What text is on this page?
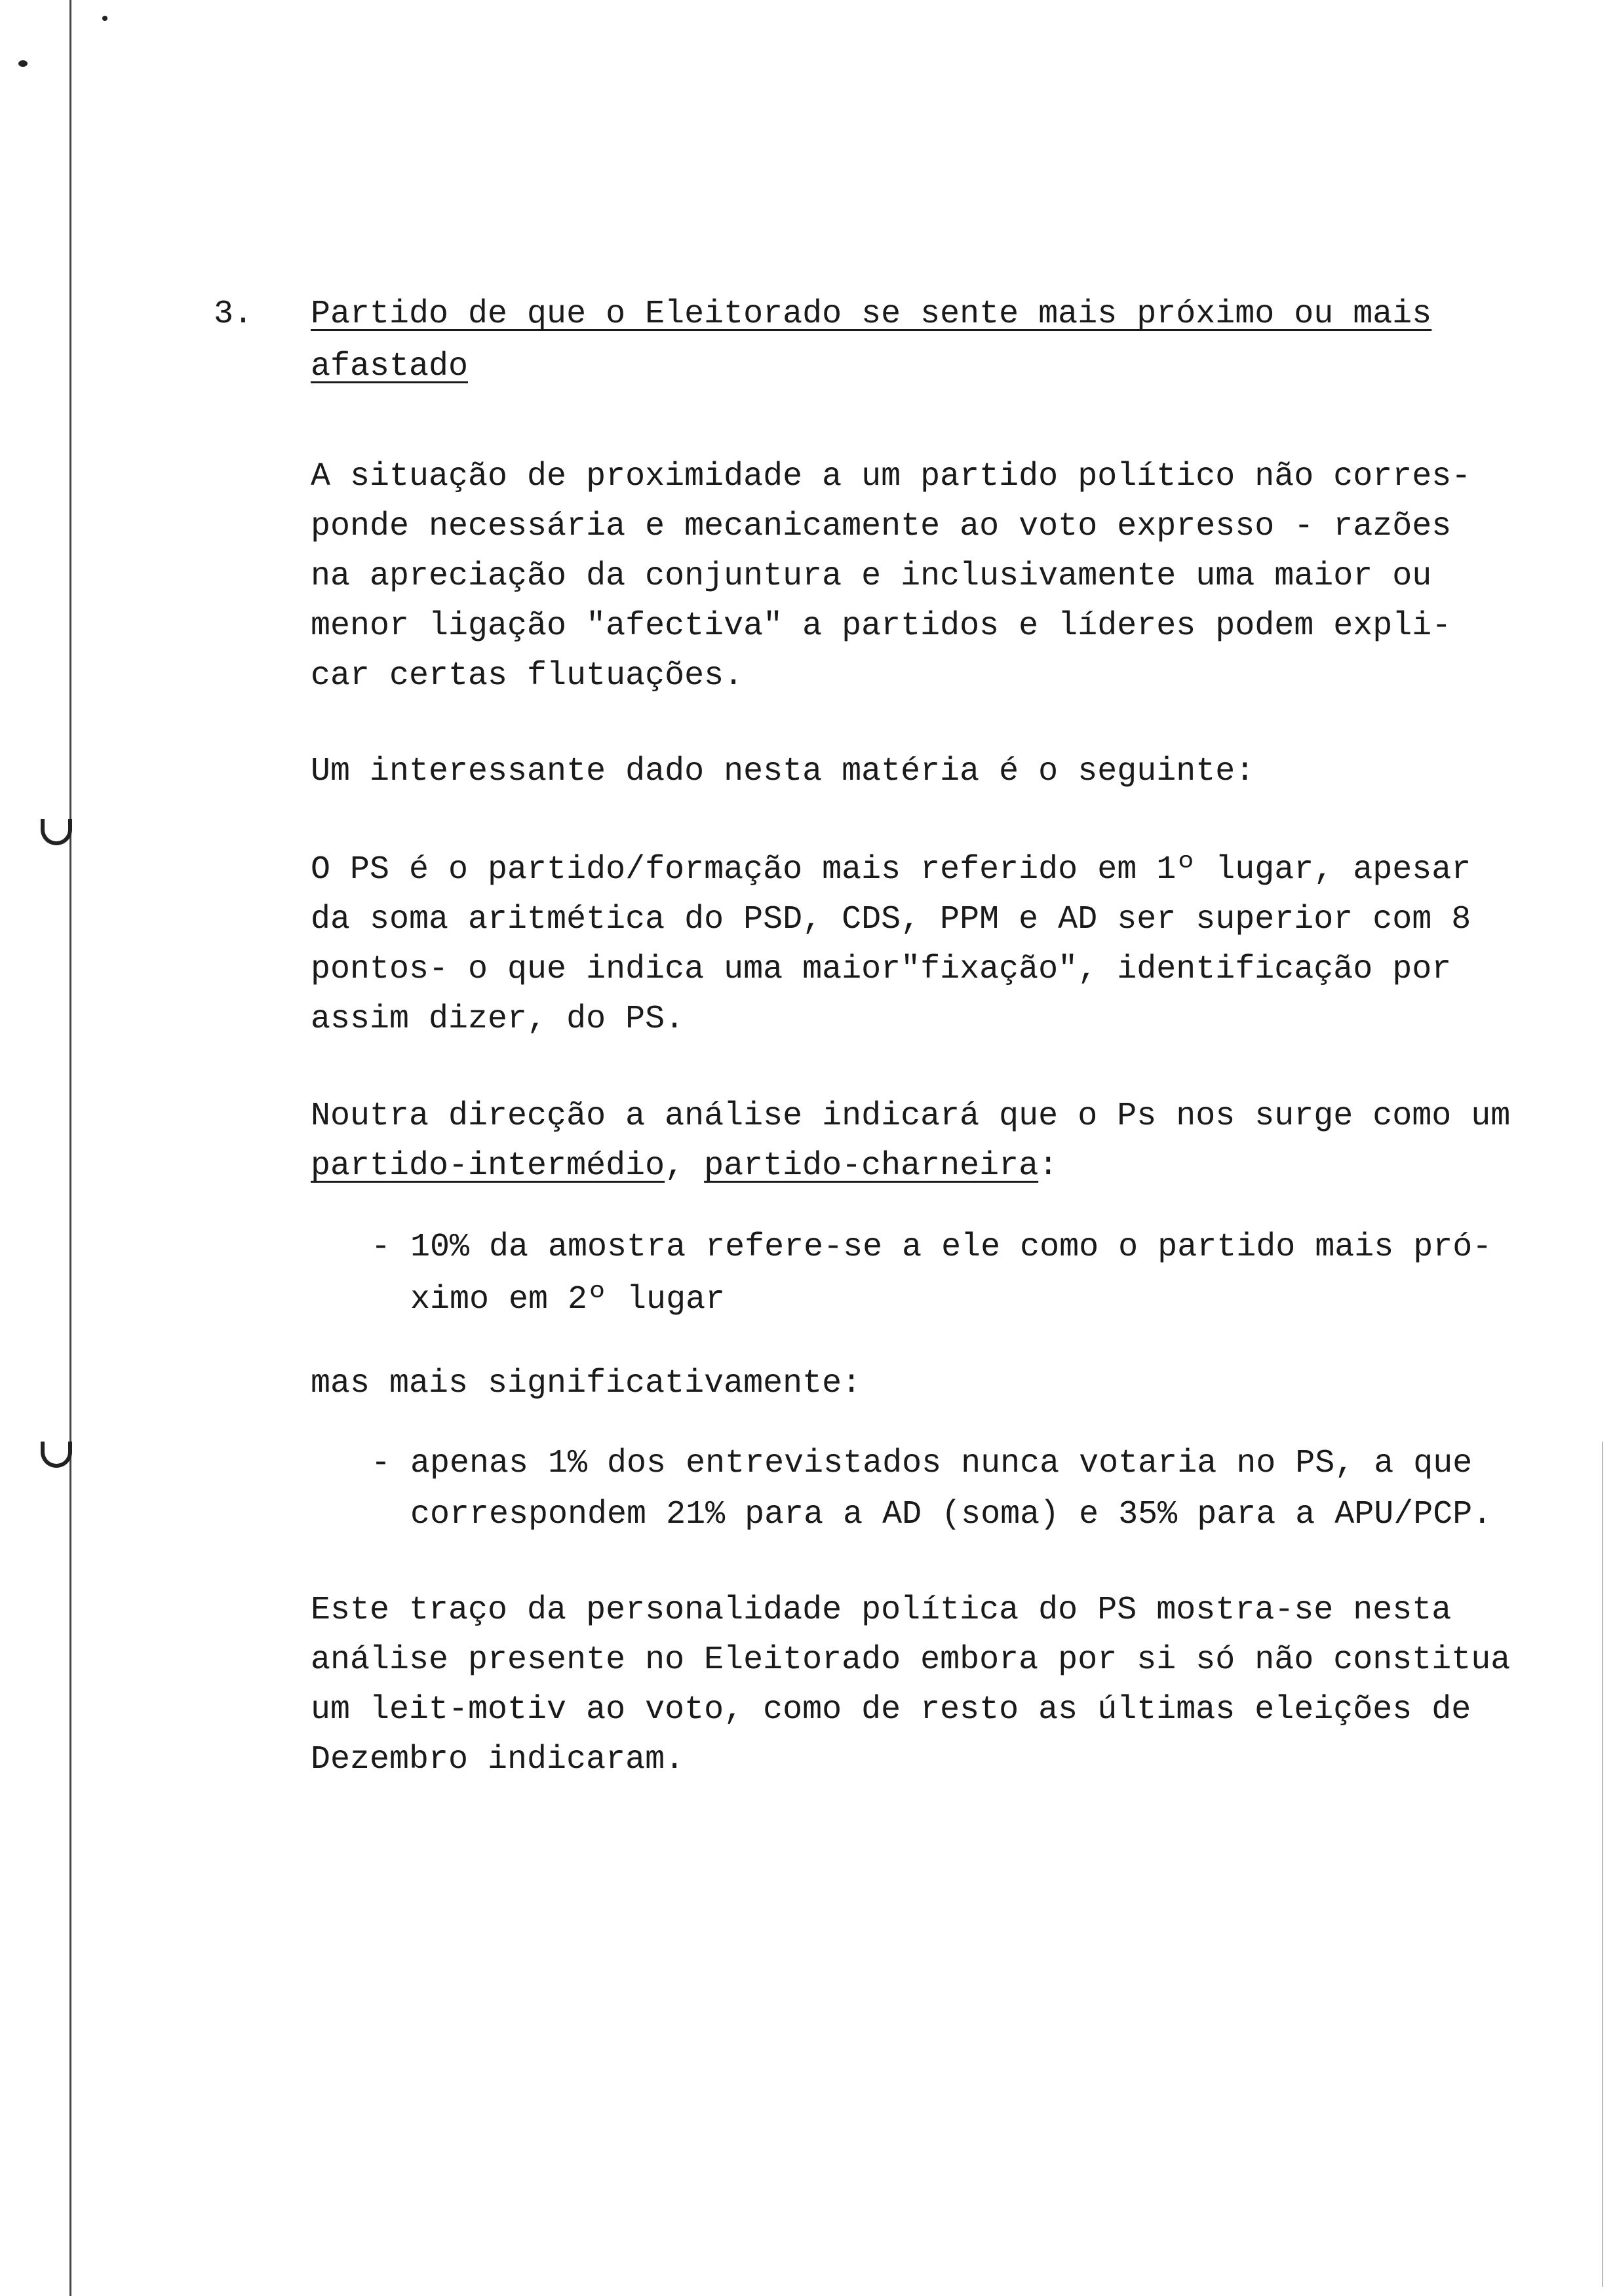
3. Partido de que o Eleitorado se sente mais próximo ou mais
afastado
A situação de proximidade a um partido político não corres-
ponde necessária e mecanicamente ao voto expresso - razões
na apreciação da conjuntura e inclusivamente uma maior ou
menor ligação "afectiva" a partidos e líderes podem expli-
car certas flutuações.
Um interessante dado nesta matéria é o seguinte:
O PS é o partido/formação mais referido em 1º lugar, apesar
da soma aritmética do PSD, CDS, PPM e AD ser superior com 8
pontos- o que indica uma maior"fixação", identificação por
assim dizer, do PS.
Noutra direcção a análise indicará que o Ps nos surge como um
partido-intermédio, partido-charneira:
- 10% da amostra refere-se a ele como o partido mais pró-
ximo em 2º lugar
mas mais significativamente:
- apenas 1% dos entrevistados nunca votaria no PS, a que
correspondem 21% para a AD (soma) e 35% para a APU/PCP.
Este traço da personalidade política do PS mostra-se nesta
análise presente no Eleitorado embora por si só não constitua
um leit-motiv ao voto, como de resto as últimas eleições de
Dezembro indicaram.
